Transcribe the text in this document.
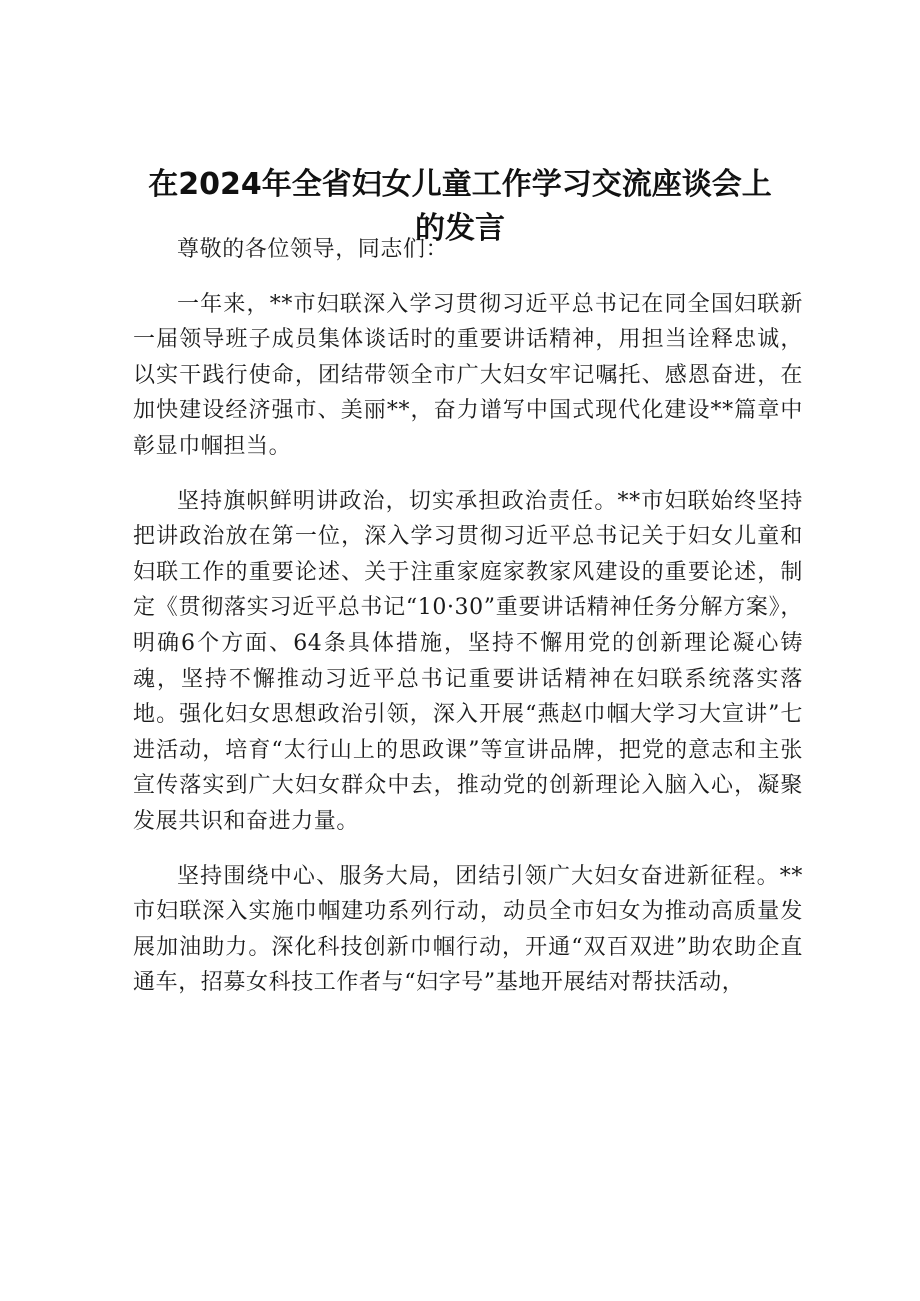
在2024年全省妇女儿童工作学习交流座谈会上
的发言

尊敬的各位领导，同志们：

一年来，**市妇联深入学习贯彻习近平总书记在同全国妇联新一届领导班子成员集体谈话时的重要讲话精神，用担当诠释忠诚，以实干践行使命，团结带领全市广大妇女牢记嘱托、感恩奋进，在加快建设经济强市、美丽**，奋力谱写中国式现代化建设**篇章中彰显巾帼担当。

坚持旗帜鲜明讲政治，切实承担政治责任。**市妇联始终坚持把讲政治放在第一位，深入学习贯彻习近平总书记关于妇女儿童和妇联工作的重要论述、关于注重家庭家教家风建设的重要论述，制定《贯彻落实习近平总书记“10·30”重要讲话精神任务分解方案》，明确6个方面、64条具体措施，坚持不懈用党的创新理论凝心铸魂，坚持不懈推动习近平总书记重要讲话精神在妇联系统落实落地。强化妇女思想政治引领，深入开展“燕赵巾帼大学习大宣讲”七进活动，培育“太行山上的思政课”等宣讲品牌，把党的意志和主张宣传落实到广大妇女群众中去，推动党的创新理论入脑入心，凝聚发展共识和奋进力量。

坚持围绕中心、服务大局，团结引领广大妇女奋进新征程。**市妇联深入实施巾帼建功系列行动，动员全市妇女为推动高质量发展加油助力。深化科技创新巾帼行动，开通“双百双进”助农助企直通车，招募女科技工作者与“妇字号”基地开展结对帮扶活动，
